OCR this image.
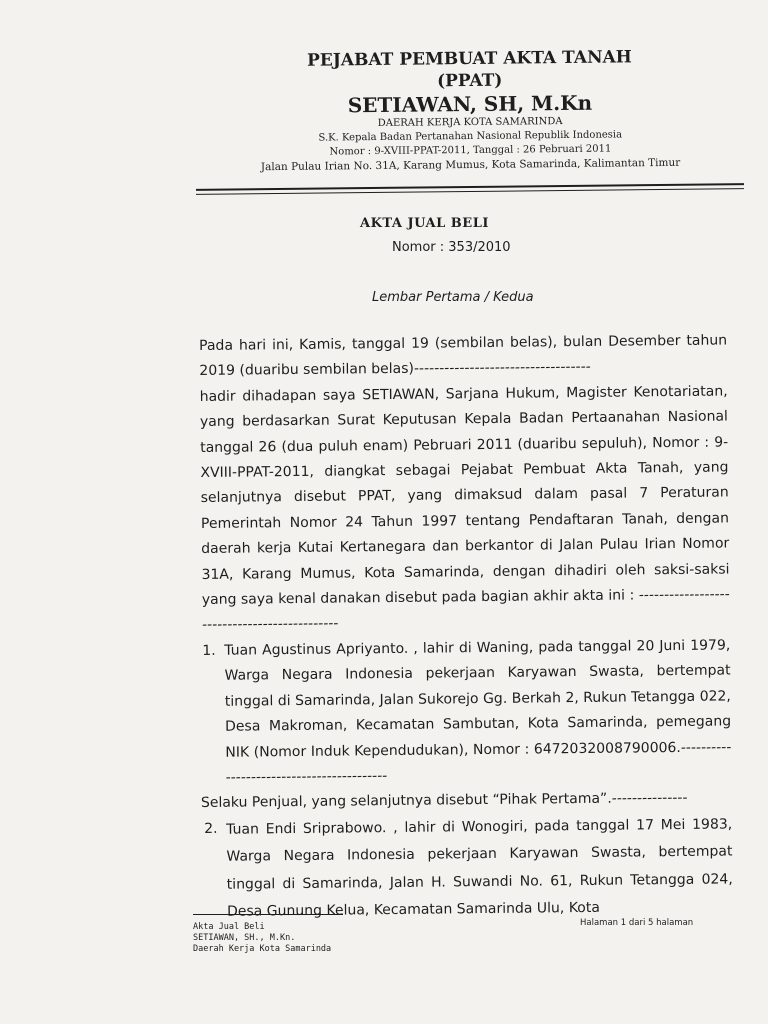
PEJABAT PEMBUAT AKTA TANAH

(PPAT)

SETIAWAN, SH, M.Kn

DAERAH KERJA KOTA SAMARINDA

S.K. Kepala Badan Pertanahan Nasional Republik Indonesia

Nomor : 9-XVIII-PPAT-2011, Tanggal : 26 Pebruari 2011

Jalan Pulau Irian No. 31A, Karang Mumus, Kota Samarinda, Kalimantan Timur

AKTA JUAL BELI
Nomor : 353/2010
Lembar Pertama / Kedua

Pada hari ini, Kamis, tanggal 19 (sembilan belas), bulan Desember tahun 2019 (duaribu sembilan belas)-----------------------------------

hadir dihadapan saya SETIAWAN, Sarjana Hukum, Magister Kenotariatan, yang berdasarkan Surat Keputusan Kepala Badan Pertaanahan Nasional tanggal 26 (dua puluh enam) Pebruari 2011 (duaribu sepuluh), Nomor : 9-XVIII-PPAT-2011, diangkat sebagai Pejabat Pembuat Akta Tanah, yang selanjutnya disebut PPAT, yang dimaksud dalam pasal 7 Peraturan Pemerintah Nomor 24 Tahun 1997 tentang Pendaftaran Tanah, dengan daerah kerja Kutai Kertanegara dan berkantor di Jalan Pulau Irian Nomor 31A, Karang Mumus, Kota Samarinda, dengan dihadiri oleh saksi-saksi yang saya kenal danakan disebut pada bagian akhir akta ini : ---------------------------------------------

1. Tuan Agustinus Apriyanto. , lahir di Waning, pada tanggal 20 Juni 1979, Warga Negara Indonesia pekerjaan Karyawan Swasta, bertempat tinggal di Samarinda, Jalan Sukorejo Gg. Berkah 2, Rukun Tetangga 022, Desa Makroman, Kecamatan Sambutan, Kota Samarinda, pemegang NIK (Nomor Induk Kependudukan), Nomor : 6472032008790006.------------------------------------------

Selaku Penjual, yang selanjutnya disebut “Pihak Pertama”.---------------

2. Tuan Endi Sriprabowo. , lahir di Wonogiri, pada tanggal 17 Mei 1983, Warga Negara Indonesia pekerjaan Karyawan Swasta, bertempat tinggal di Samarinda, Jalan H. Suwandi No. 61, Rukun Tetangga 024, Desa Gunung Kelua, Kecamatan Samarinda Ulu, Kota
Akta Jual Beli
SETIAWAN, SH., M.Kn.
Daerah Kerja Kota Samarinda
Halaman 1 dari 5 halaman
